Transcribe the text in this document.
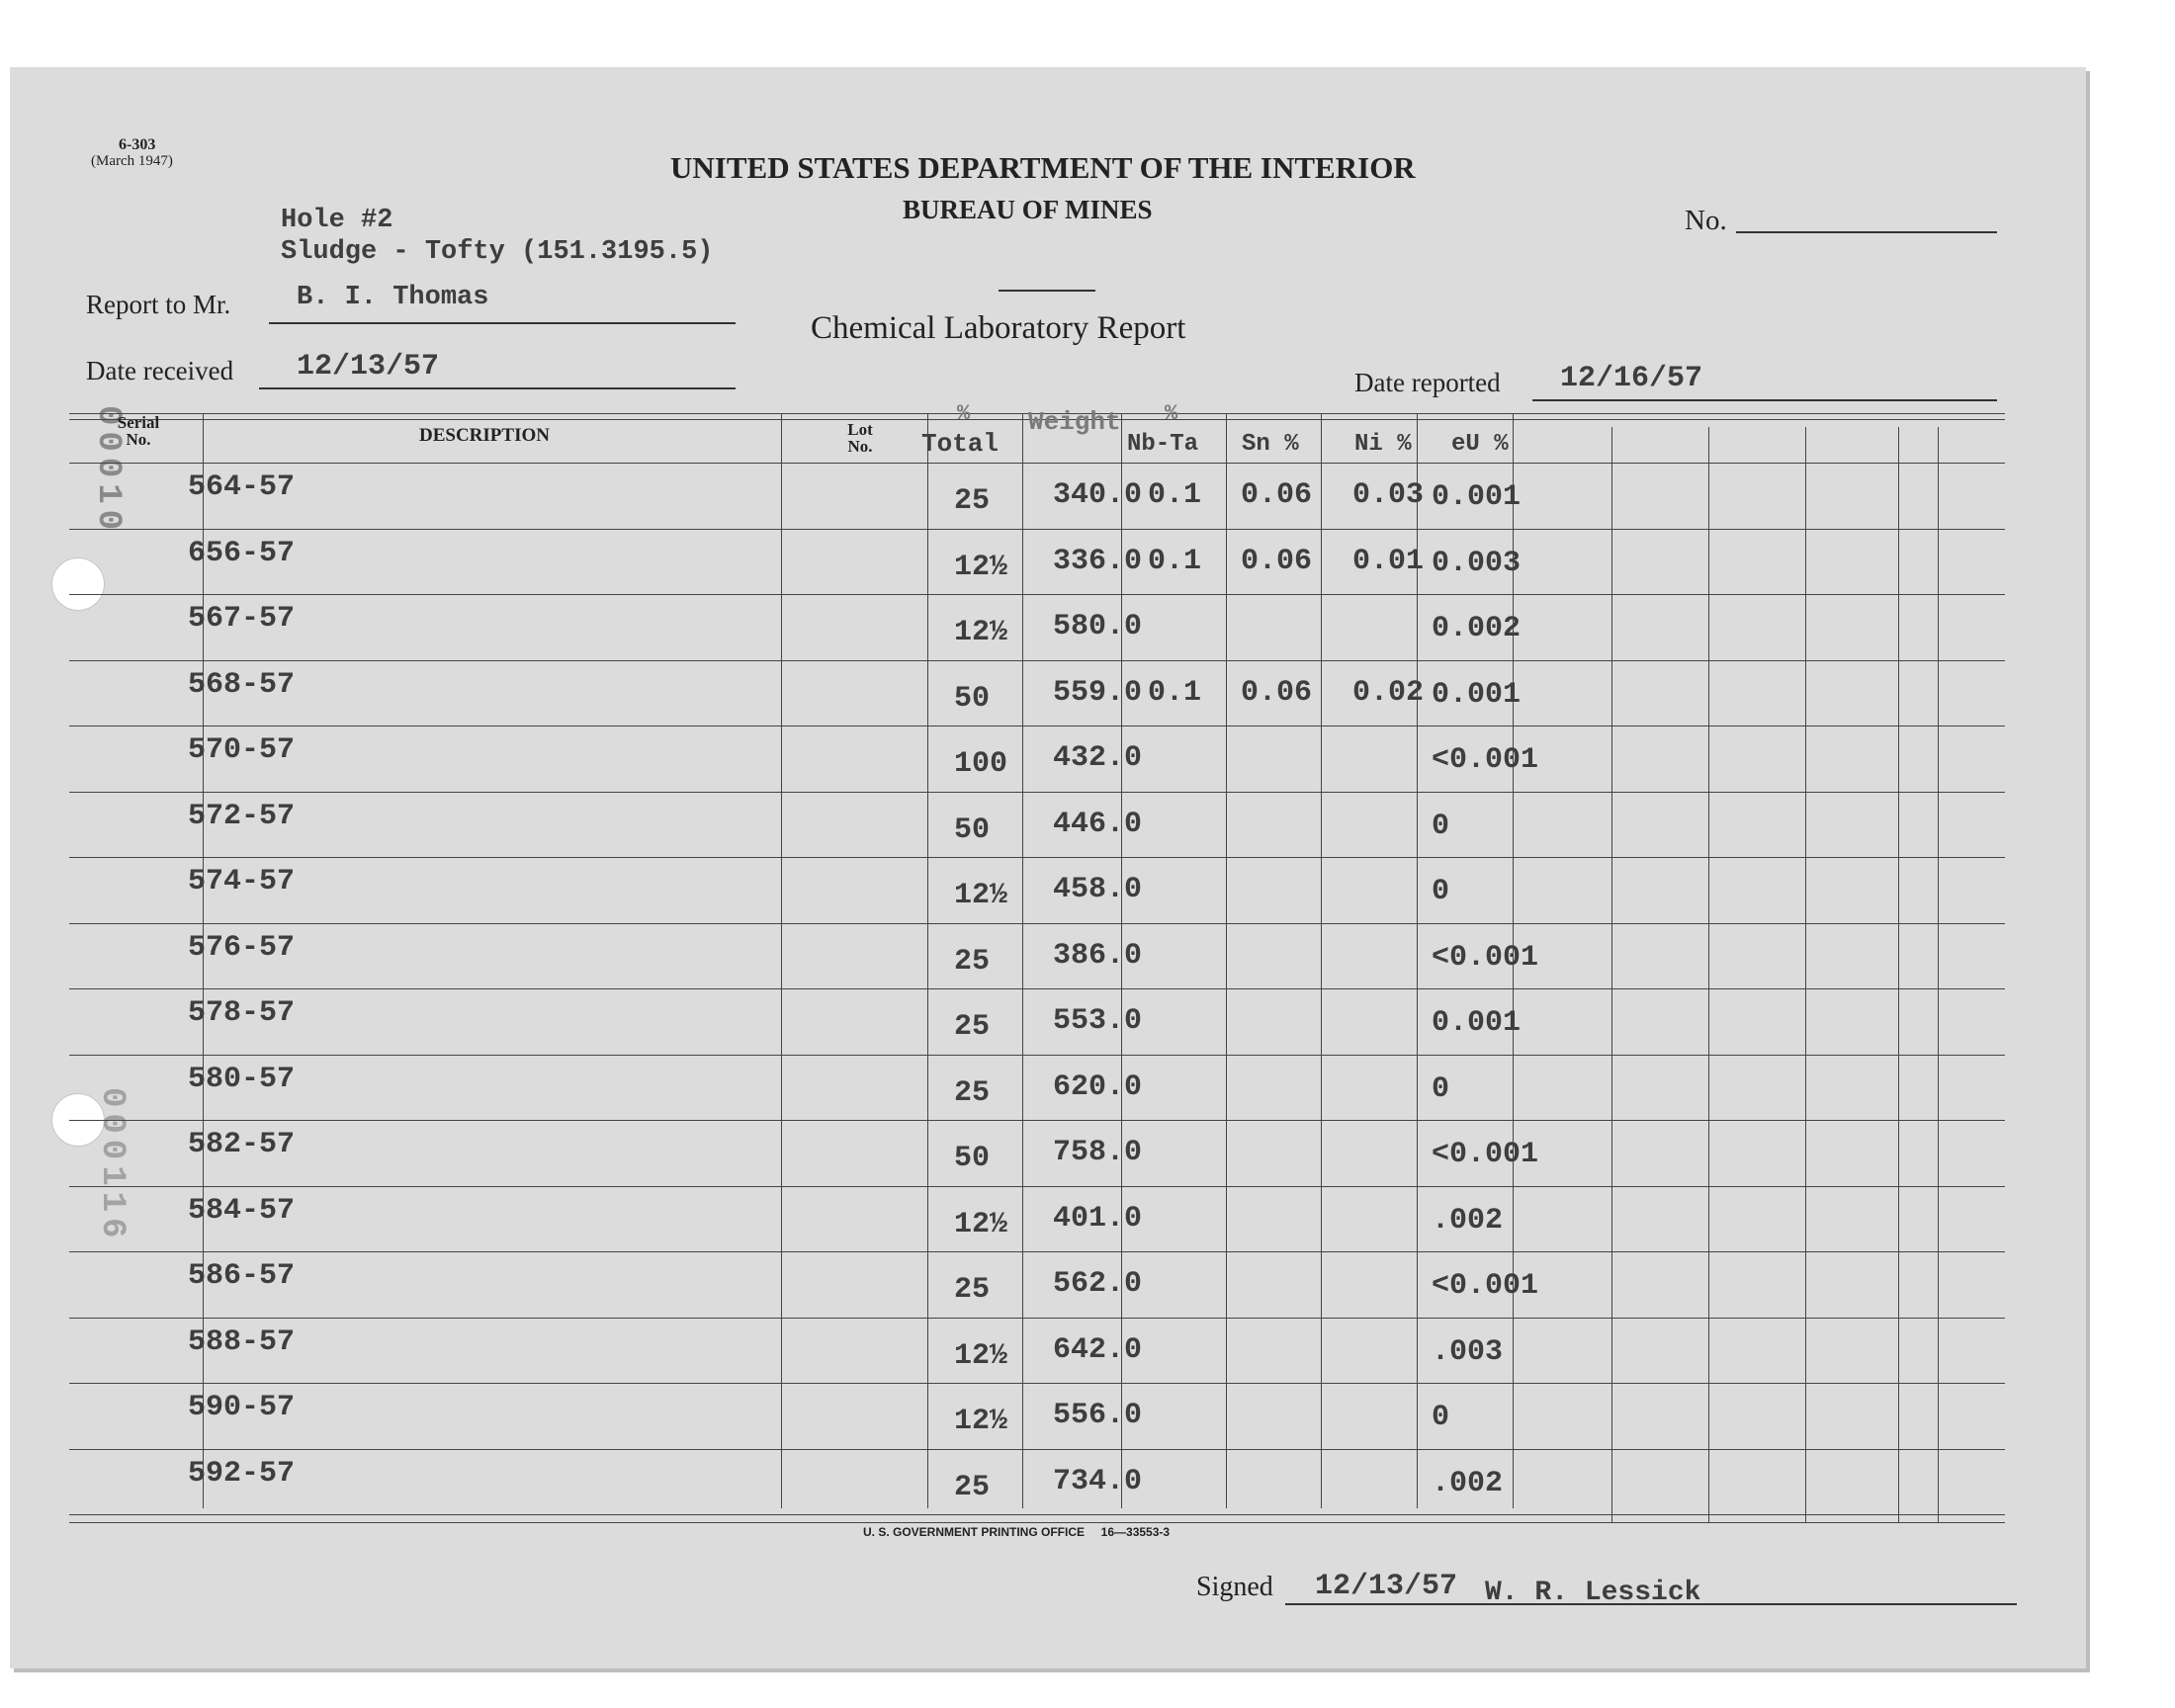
00010
000116
6-303
(March 1947)	UNITED STATES DEPARTMENT OF THE INTERIOR
BUREAU OF MINES
Chemical Laboratory Report
No.
Hole #2
Sludge - Tofty (151.3195.5)
Report to Mr. B. I. Thomas
Date received 12/13/57	Date reported 12/16/57
Serial No.	DESCRIPTION	Lot No.
%
Total
Weight %
Nb-Ta Sn % Ni % eU %
564-57	25 340.0 0.1 0.06 0.03 0.001
656-57	12½ 336.0 0.1 0.06 0.01 0.003
567-57	12½ 580.0	0.002
568-57	50 559.0 0.1 0.06 0.02 0.001
570-57	100 432.0	<0.001
572-57	50 446.0	0
574-57	12½ 458.0	0
576-57	25 386.0	<0.001
578-57	25 553.0	0.001
580-57	25 620.0	0
582-57	50 758.0	<0.001
584-57	12½ 401.0	.002
586-57	25 562.0	<0.001
588-57	12½ 642.0	.003
590-57	12½ 556.0	0
592-57	25 734.0	.002
U. S. GOVERNMENT PRINTING OFFICE     16—33553-3
Signed 12/13/57 W. R. Lessick
